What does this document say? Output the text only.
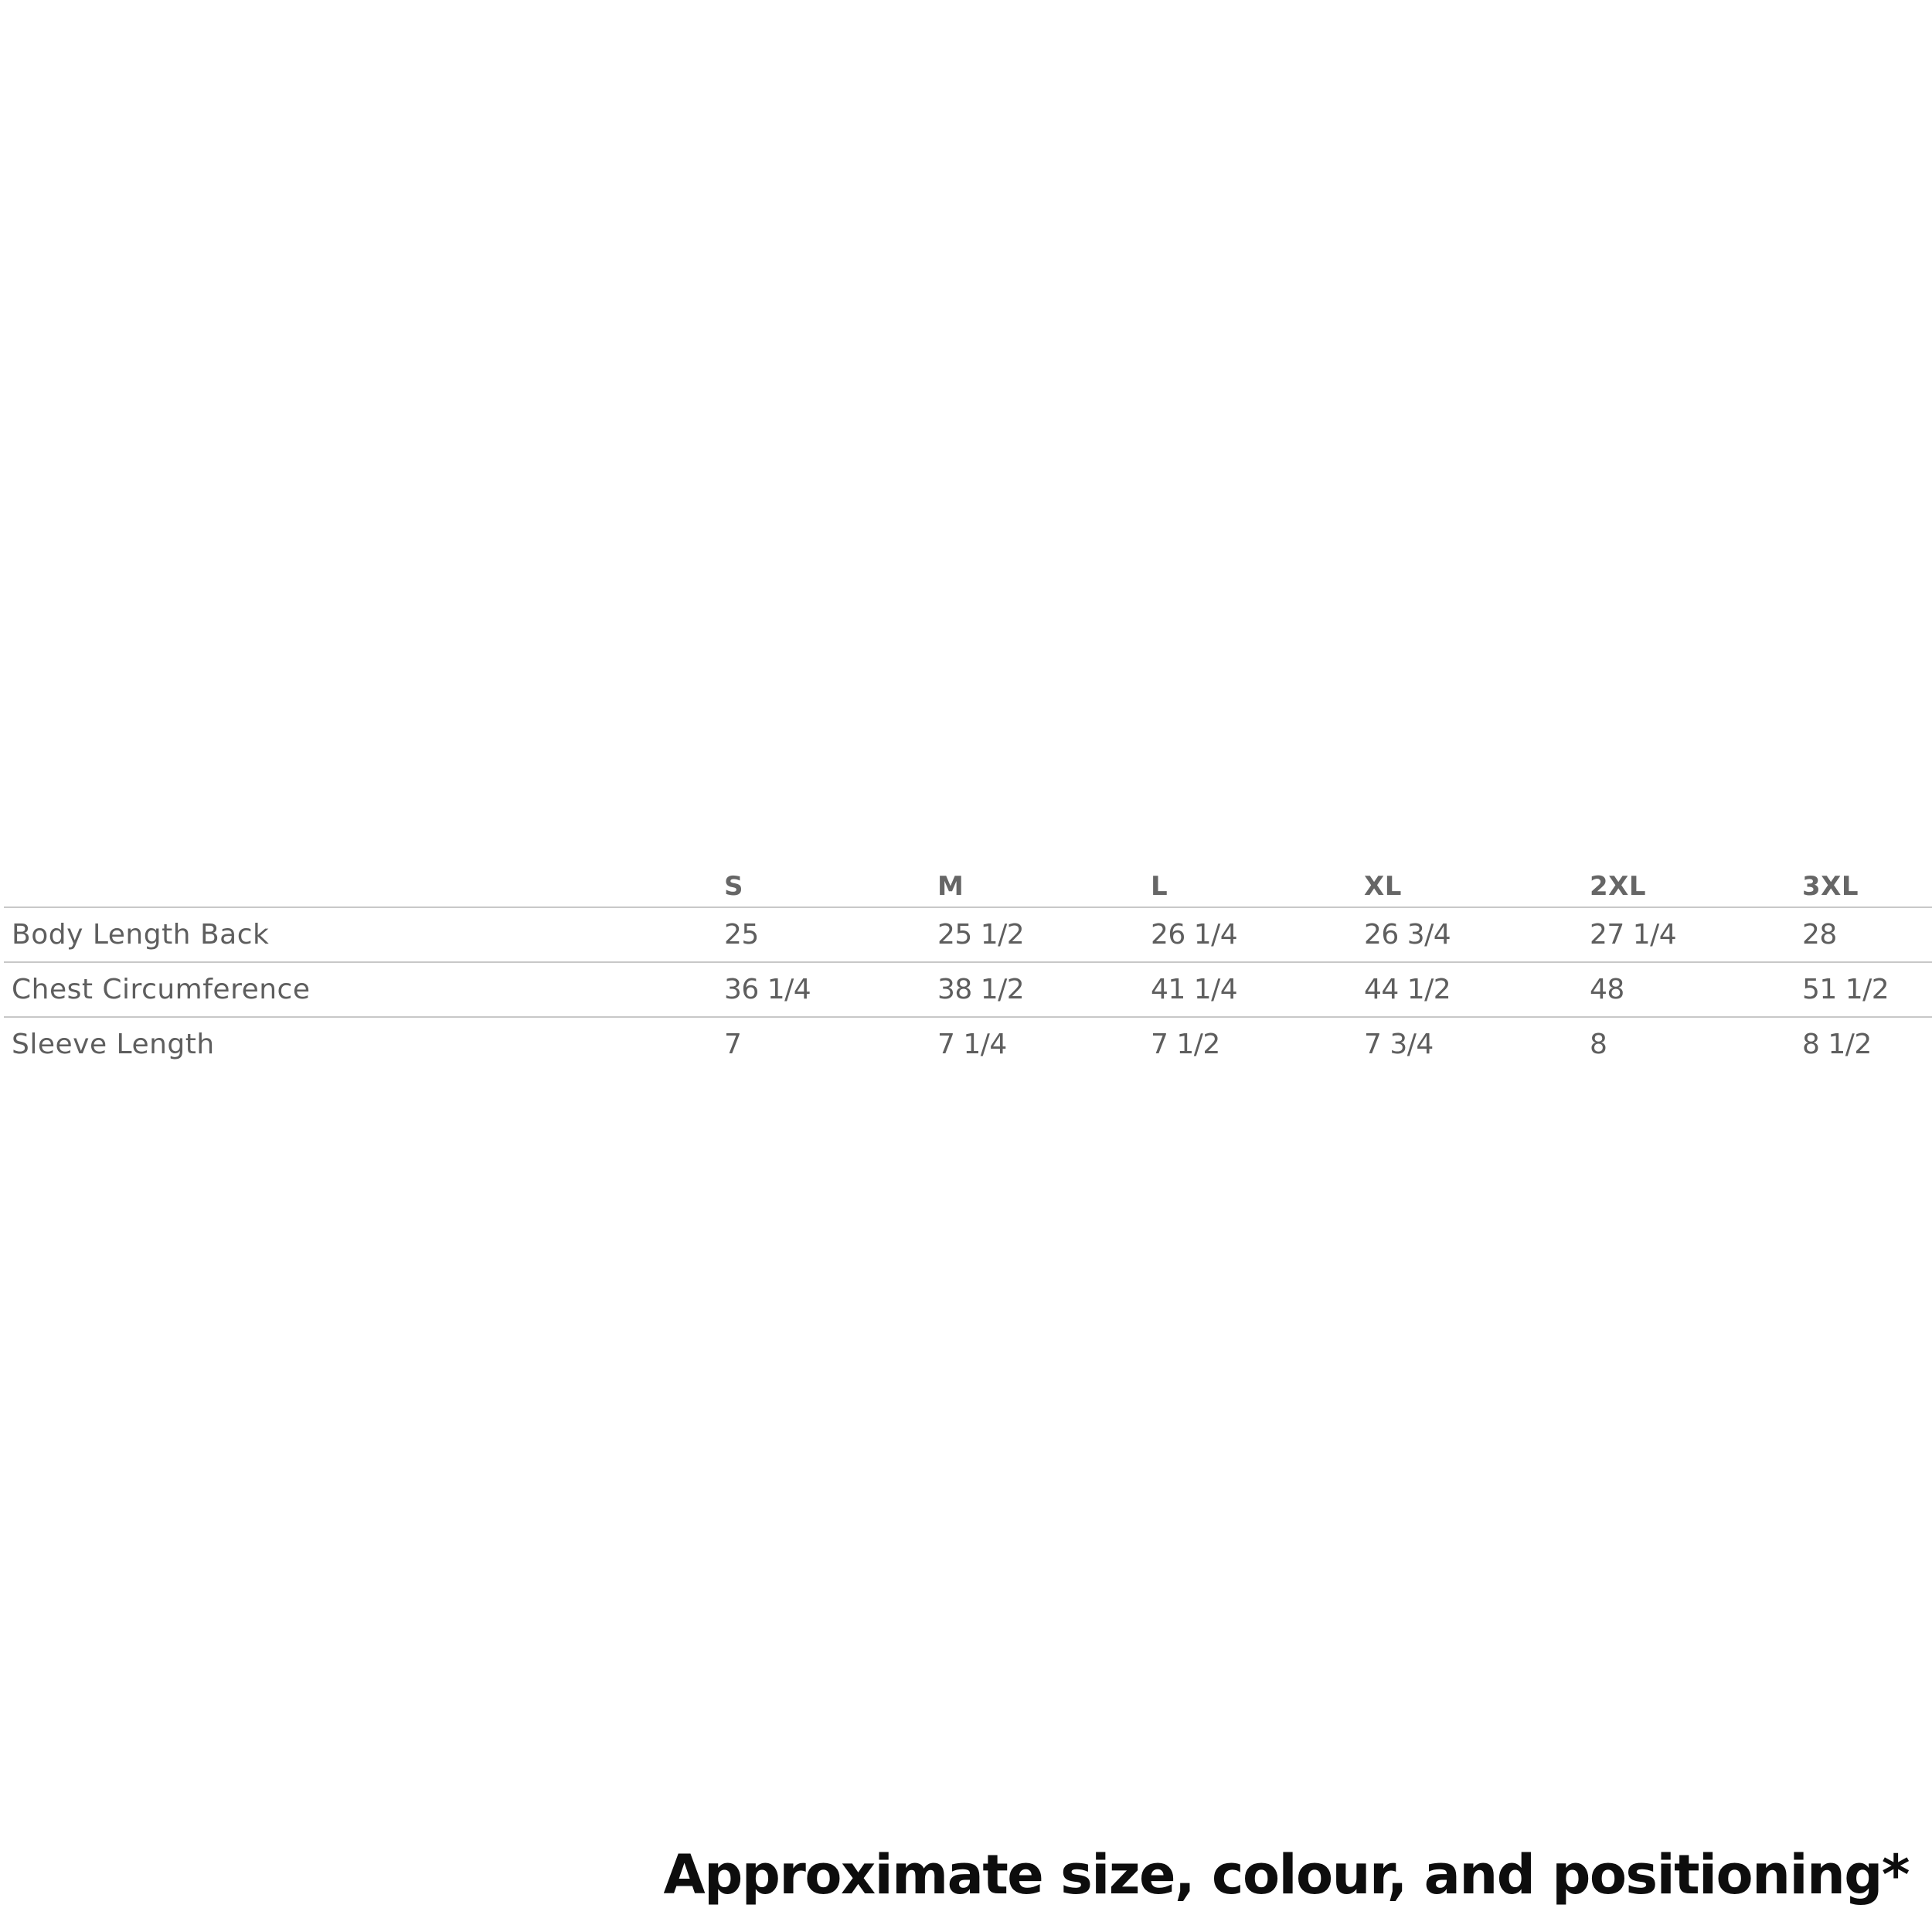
	S	M	L	XL	2XL	3XL
Body Length Back	25	25 1/2	26 1/4	26 3/4	27 1/4	28
Chest Circumference	36 1/4	38 1/2	41 1/4	44 1/2	48	51 1/2
Sleeve Length	7	7 1/4	7 1/2	7 3/4	8	8 1/2
Approximate size, colour, and positioning*
